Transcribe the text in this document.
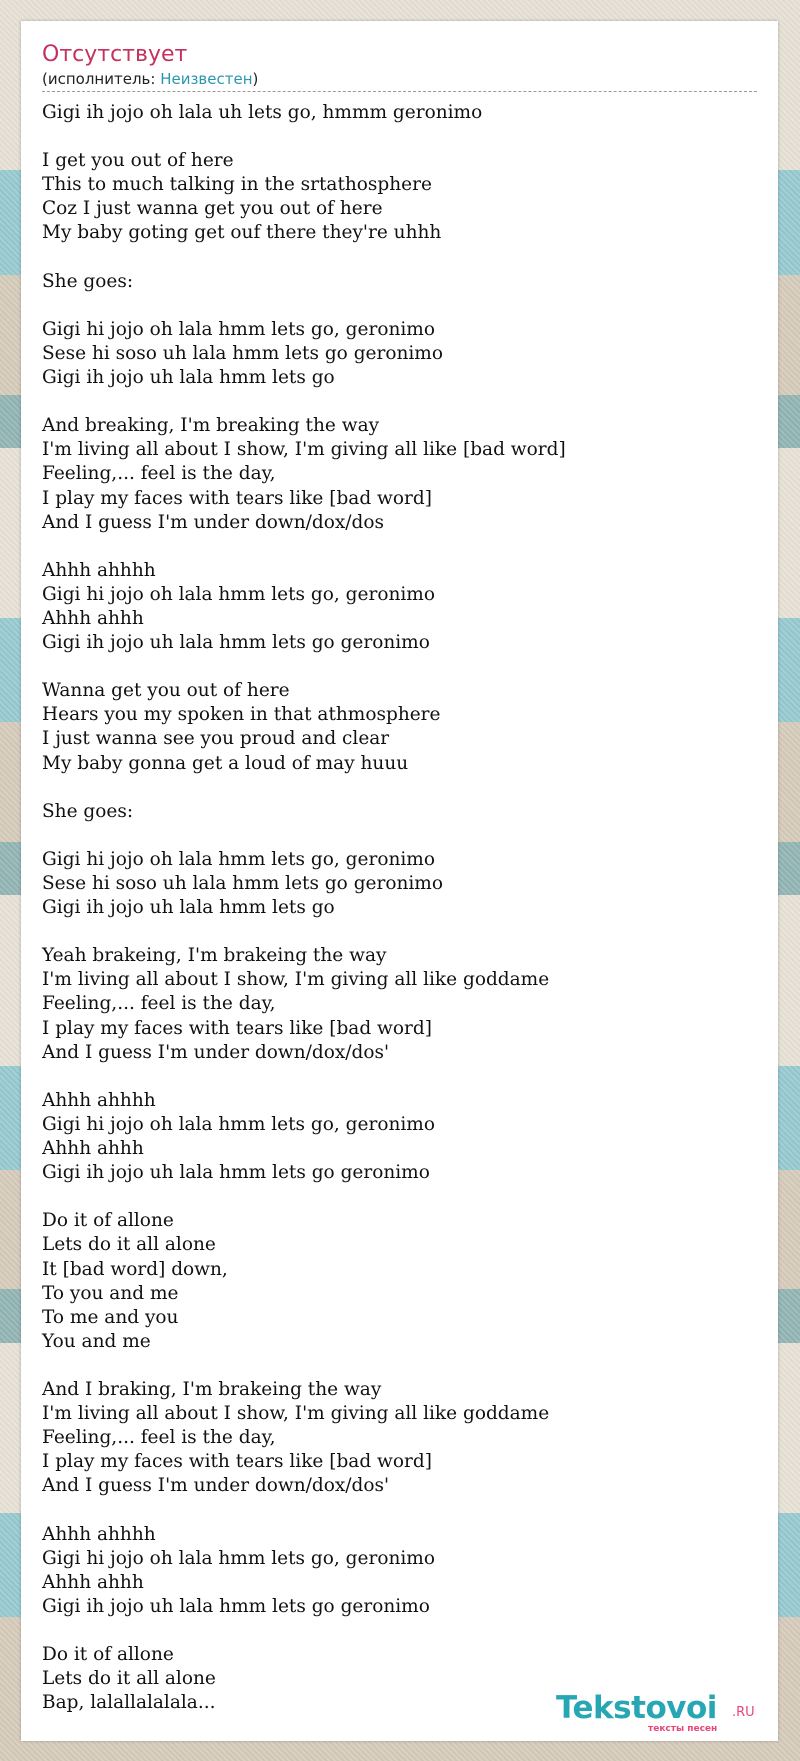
Отсутствует
(исполнитель: Неизвестен)
Gigi ih jojo oh lala uh lets go, hmmm geronimo

I get you out of here
This to much talking in the srtathosphere
Coz I just wanna get you out of here
My baby goting get ouf there they're uhhh

She goes:

Gigi hi jojo oh lala hmm lets go, geronimo
Sese hi soso uh lala hmm lets go geronimo
Gigi ih jojo uh lala hmm lets go

And breaking, I'm breaking the way
I'm living all about I show, I'm giving all like [bad word]
Feeling,... feel is the day,
I play my faces with tears like [bad word]
And I guess I'm under down/dox/dos

Ahhh ahhhh
Gigi hi jojo oh lala hmm lets go, geronimo
Ahhh ahhh
Gigi ih jojo uh lala hmm lets go geronimo

Wanna get you out of here
Hears you my spoken in that athmosphere
I just wanna see you proud and clear
My baby gonna get a loud of may huuu

She goes:

Gigi hi jojo oh lala hmm lets go, geronimo
Sese hi soso uh lala hmm lets go geronimo
Gigi ih jojo uh lala hmm lets go

Yeah brakeing, I'm brakeing the way
I'm living all about I show, I'm giving all like goddame
Feeling,... feel is the day,
I play my faces with tears like [bad word]
And I guess I'm under down/dox/dos'

Ahhh ahhhh
Gigi hi jojo oh lala hmm lets go, geronimo
Ahhh ahhh
Gigi ih jojo uh lala hmm lets go geronimo

Do it of allone
Lets do it all alone
It [bad word] down,
To you and me
To me and you
You and me

And I braking, I'm brakeing the way
I'm living all about I show, I'm giving all like goddame
Feeling,... feel is the day,
I play my faces with tears like [bad word]
And I guess I'm under down/dox/dos'

Ahhh ahhhh
Gigi hi jojo oh lala hmm lets go, geronimo
Ahhh ahhh
Gigi ih jojo uh lala hmm lets go geronimo

Do it of allone
Lets do it all alone
Bap, lalallalalala...	Tekstovoi .RU
тексты песен
